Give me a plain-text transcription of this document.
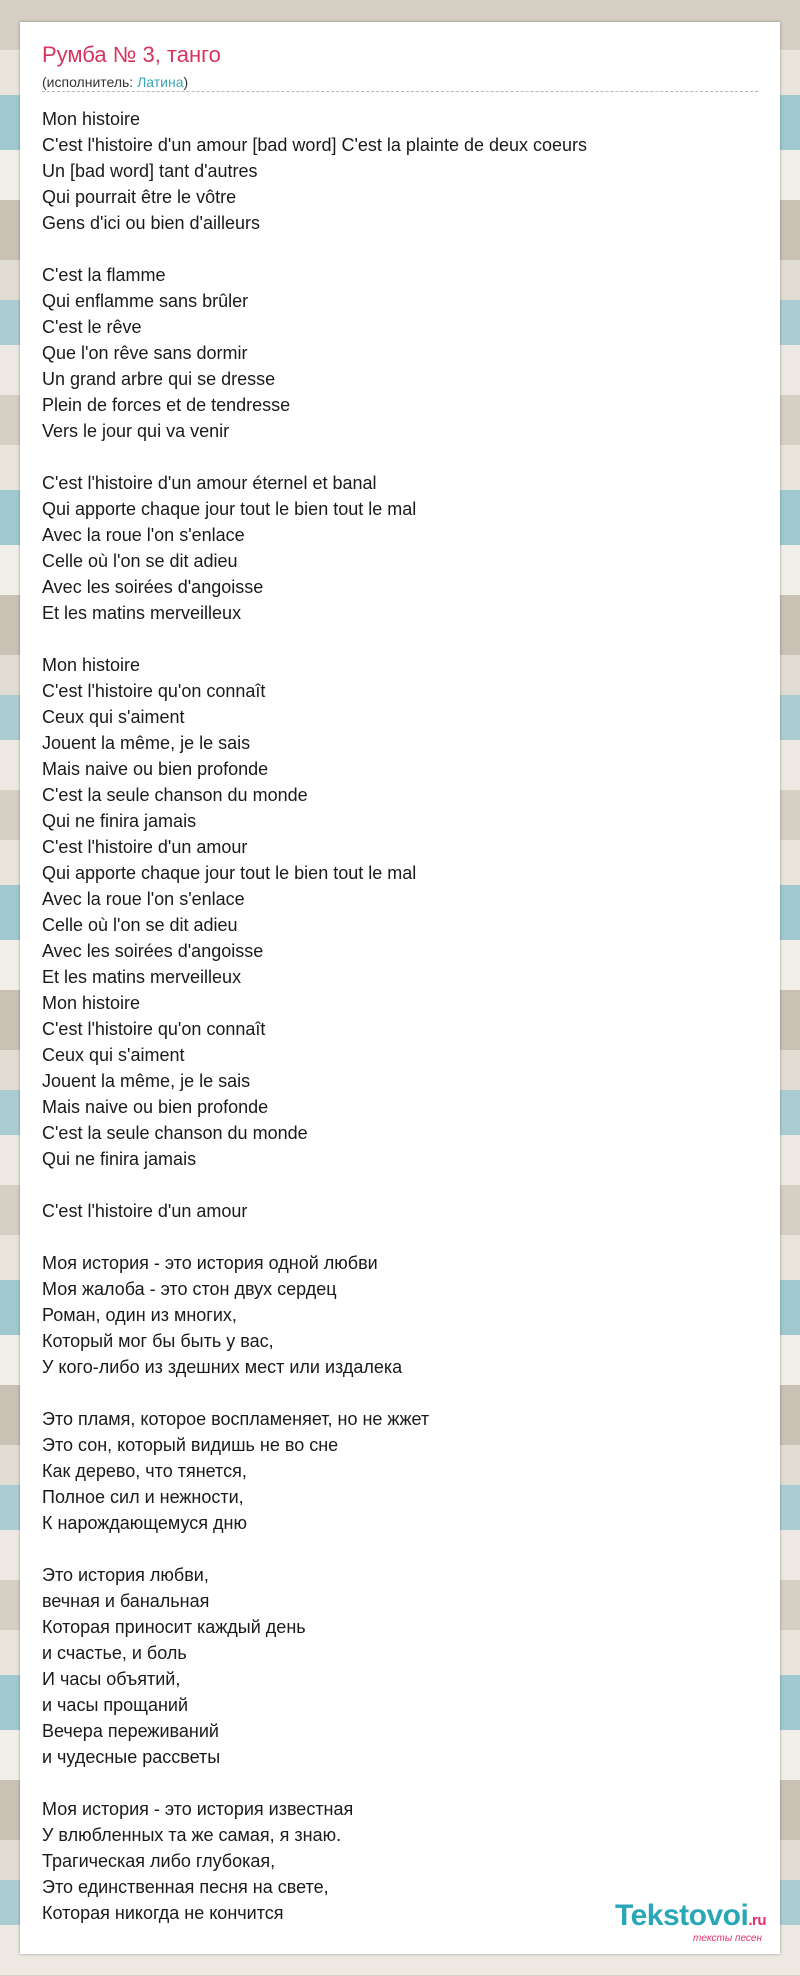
Румба № 3, танго
(исполнитель: Латина)
Mon histoire
C'est l'histoire d'un amour [bad word] C'est la plainte de deux coeurs
Un [bad word] tant d'autres
Qui pourrait être le vôtre
Gens d'ici ou bien d'ailleurs
C'est la flamme
Qui enflamme sans brûler
C'est le rêve
Que l'on rêve sans dormir
Un grand arbre qui se dresse
Plein de forces et de tendresse
Vers le jour qui va venir
C'est l'histoire d'un amour éternel et banal
Qui apporte chaque jour tout le bien tout le mal
Avec la roue l'on s'enlace
Celle où l'on se dit adieu
Avec les soirées d'angoisse
Et les matins merveilleux
Mon histoire
C'est l'histoire qu'on connaît
Ceux qui s'aiment
Jouent la même, je le sais
Mais naive ou bien profonde
C'est la seule chanson du monde
Qui ne finira jamais
C'est l'histoire d'un amour
Qui apporte chaque jour tout le bien tout le mal
Avec la roue l'on s'enlace
Celle où l'on se dit adieu
Avec les soirées d'angoisse
Et les matins merveilleux
Mon histoire
C'est l'histoire qu'on connaît
Ceux qui s'aiment
Jouent la même, je le sais
Mais naive ou bien profonde
C'est la seule chanson du monde
Qui ne finira jamais
C'est l'histoire d'un amour
Моя история - это история одной любви
Моя жалоба - это стон двух сердец
Роман, один из многих,
Который мог бы быть у вас,
У кого-либо из здешних мест или издалека
Это пламя, которое воспламеняет, но не жжет
Это сон, который видишь не во сне
Как дерево, что тянется,
Полное сил и нежности,
К нарождающемуся дню
Это история любви,
вечная и банальная
Которая приносит каждый день
и счастье, и боль
И часы объятий,
и часы прощаний
Вечера переживаний
и чудесные рассветы
Моя история - это история известная
У влюбленных та же самая, я знаю.
Трагическая либо глубокая,
Это единственная песня на свете,
Которая никогда не кончится	Tekstovoi.ru
тексты песен
